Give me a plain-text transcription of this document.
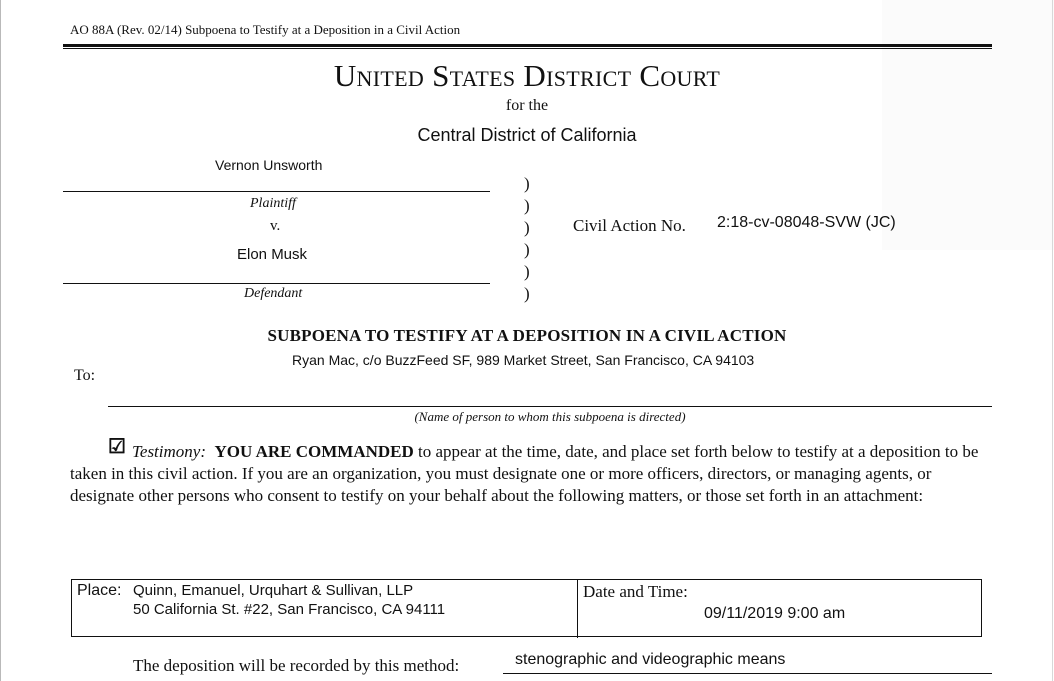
AO 88A (Rev. 02/14) Subpoena to Testify at a Deposition in a Civil Action
United States District Court
for the
Central District of California
Vernon Unsworth
Plaintiff
v.
Elon Musk
Defendant
)
)
)
)
)
)
Civil Action No. 2:18-cv-08048-SVW (JC)
SUBPOENA TO TESTIFY AT A DEPOSITION IN A CIVIL ACTION
Ryan Mac, c/o BuzzFeed SF, 989 Market Street, San Francisco, CA 94103
To:
(Name of person to whom this subpoena is directed)
☑ Testimony: YOU ARE COMMANDED to appear at the time, date, and place set forth below to testify at a deposition to be taken in this civil action. If you are an organization, you must designate one or more officers, directors, or managing agents, or designate other persons who consent to testify on your behalf about the following matters, or those set forth in an attachment:
Place: Quinn, Emanuel, Urquhart & Sullivan, LLP
50 California St. #22, San Francisco, CA 94111
Date and Time:
09/11/2019 9:00 am
The deposition will be recorded by this method:	stenographic and videographic means
